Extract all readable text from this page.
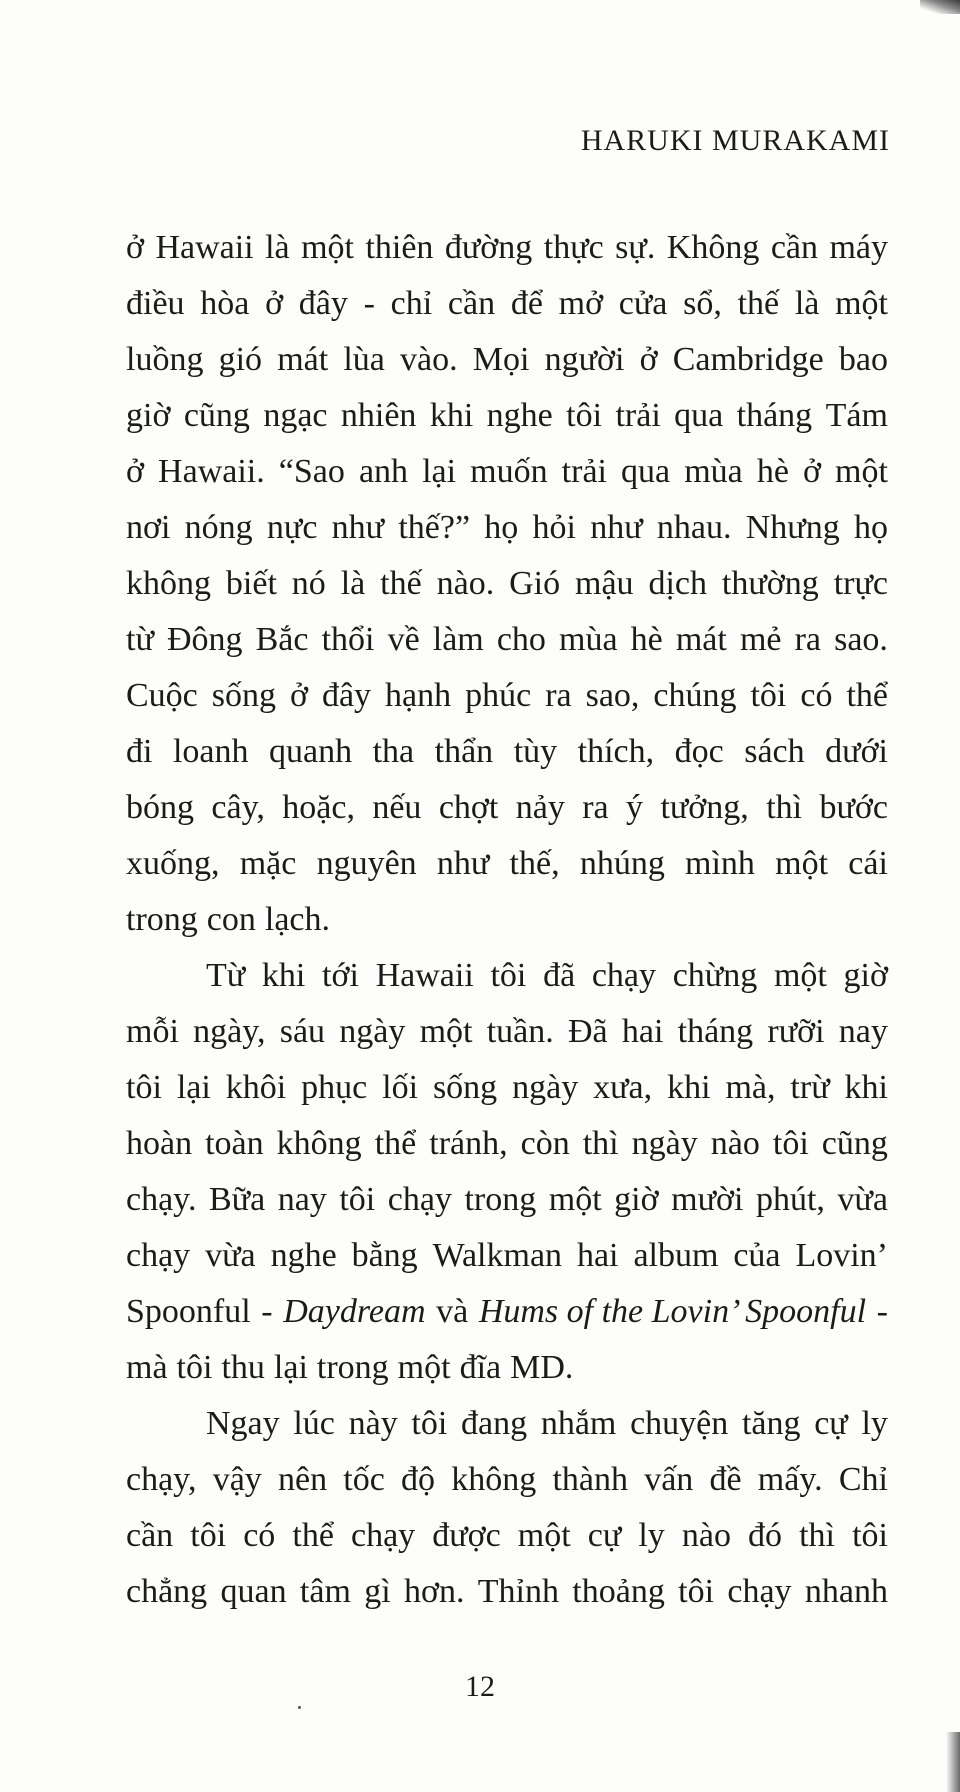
HARUKI MURAKAMI
ở Hawaii là một thiên đường thực sự. Không cần máy
điều hòa ở đây - chỉ cần để mở cửa sổ, thế là một
luồng gió mát lùa vào. Mọi người ở Cambridge bao
giờ cũng ngạc nhiên khi nghe tôi trải qua tháng Tám
ở Hawaii. “Sao anh lại muốn trải qua mùa hè ở một
nơi nóng nực như thế?” họ hỏi như nhau. Nhưng họ
không biết nó là thế nào. Gió mậu dịch thường trực
từ Đông Bắc thổi về làm cho mùa hè mát mẻ ra sao.
Cuộc sống ở đây hạnh phúc ra sao, chúng tôi có thể
đi loanh quanh tha thẩn tùy thích, đọc sách dưới
bóng cây, hoặc, nếu chợt nảy ra ý tưởng, thì bước
xuống, mặc nguyên như thế, nhúng mình một cái
trong con lạch.
Từ khi tới Hawaii tôi đã chạy chừng một giờ
mỗi ngày, sáu ngày một tuần. Đã hai tháng rưỡi nay
tôi lại khôi phục lối sống ngày xưa, khi mà, trừ khi
hoàn toàn không thể tránh, còn thì ngày nào tôi cũng
chạy. Bữa nay tôi chạy trong một giờ mười phút, vừa
chạy vừa nghe bằng Walkman hai album của Lovin’
Spoonful - Daydream và Hums of the Lovin’ Spoonful -
mà tôi thu lại trong một đĩa MD.
Ngay lúc này tôi đang nhắm chuyện tăng cự ly
chạy, vậy nên tốc độ không thành vấn đề mấy. Chỉ
cần tôi có thể chạy được một cự ly nào đó thì tôi
chẳng quan tâm gì hơn. Thỉnh thoảng tôi chạy nhanh
12
